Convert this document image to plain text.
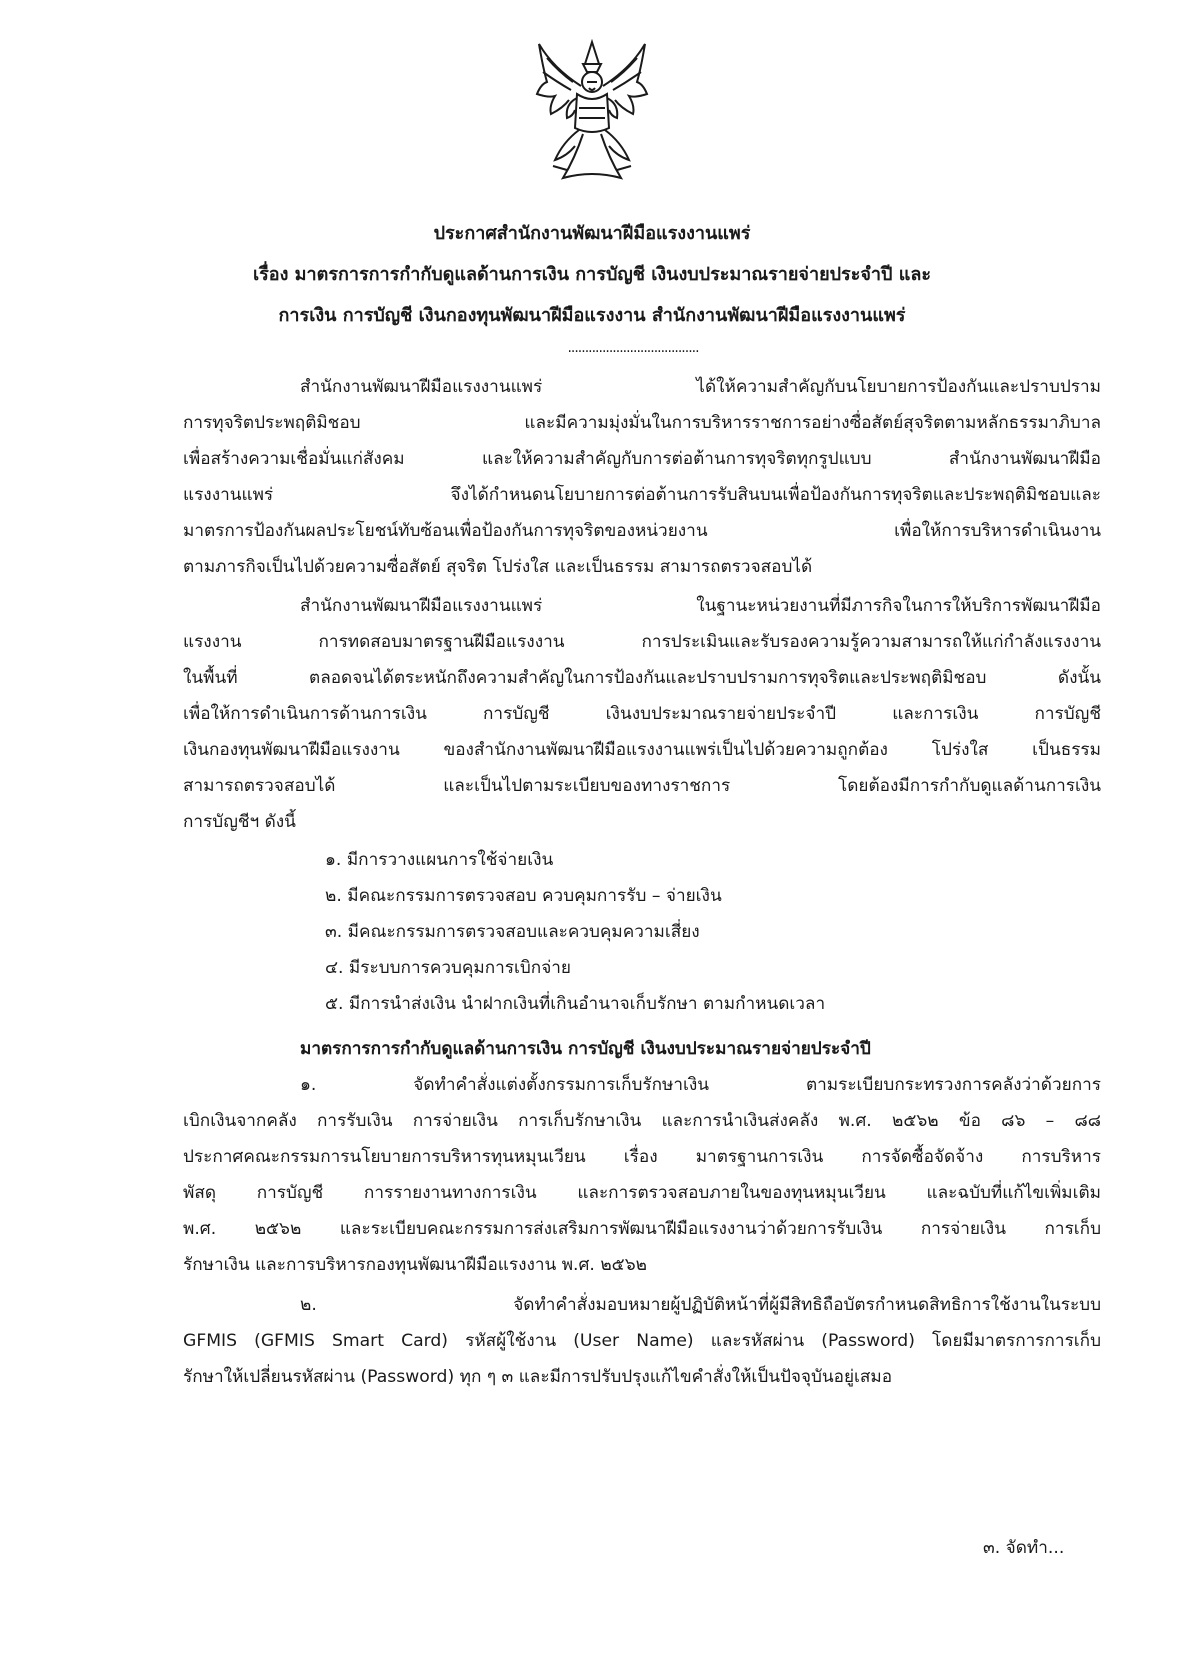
ประกาศสำนักงานพัฒนาฝีมือแรงงานแพร่
เรื่อง มาตรการการกำกับดูแลด้านการเงิน การบัญชี เงินงบประมาณรายจ่ายประจำปี และ
การเงิน การบัญชี เงินกองทุนพัฒนาฝีมือแรงงาน สำนักงานพัฒนาฝีมือแรงงานแพร่
......................................
สำนักงานพัฒนาฝีมือแรงงานแพร่ ได้ให้ความสำคัญกับนโยบายการป้องกันและปราบปราม
การทุจริตประพฤติมิชอบ และมีความมุ่งมั่นในการบริหารราชการอย่างซื่อสัตย์สุจริตตามหลักธรรมาภิบาล
เพื่อสร้างความเชื่อมั่นแก่สังคม และให้ความสำคัญกับการต่อต้านการทุจริตทุกรูปแบบ สำนักงานพัฒนาฝีมือ
แรงงานแพร่ จึงได้กำหนดนโยบายการต่อต้านการรับสินบนเพื่อป้องกันการทุจริตและประพฤติมิชอบและ
มาตรการป้องกันผลประโยชน์ทับซ้อนเพื่อป้องกันการทุจริตของหน่วยงาน เพื่อให้การบริหารดำเนินงาน
ตามภารกิจเป็นไปด้วยความซื่อสัตย์ สุจริต โปร่งใส และเป็นธรรม สามารถตรวจสอบได้
สำนักงานพัฒนาฝีมือแรงงานแพร่ ในฐานะหน่วยงานที่มีภารกิจในการให้บริการพัฒนาฝีมือ
แรงงาน การทดสอบมาตรฐานฝีมือแรงงาน การประเมินและรับรองความรู้ความสามารถให้แก่กำลังแรงงาน
ในพื้นที่ ตลอดจนได้ตระหนักถึงความสำคัญในการป้องกันและปราบปรามการทุจริตและประพฤติมิชอบ ดังนั้น
เพื่อให้การดำเนินการด้านการเงิน การบัญชี เงินงบประมาณรายจ่ายประจำปี และการเงิน การบัญชี
เงินกองทุนพัฒนาฝีมือแรงงาน ของสำนักงานพัฒนาฝีมือแรงงานแพร่เป็นไปด้วยความถูกต้อง โปร่งใส เป็นธรรม
สามารถตรวจสอบได้ และเป็นไปตามระเบียบของทางราชการ โดยต้องมีการกำกับดูแลด้านการเงิน
การบัญชีฯ ดังนี้
๑. มีการวางแผนการใช้จ่ายเงิน
๒. มีคณะกรรมการตรวจสอบ ควบคุมการรับ – จ่ายเงิน
๓. มีคณะกรรมการตรวจสอบและควบคุมความเสี่ยง
๔. มีระบบการควบคุมการเบิกจ่าย
๕. มีการนำส่งเงิน นำฝากเงินที่เกินอำนาจเก็บรักษา ตามกำหนดเวลา
มาตรการการกำกับดูแลด้านการเงิน การบัญชี เงินงบประมาณรายจ่ายประจำปี
๑. จัดทำคำสั่งแต่งตั้งกรรมการเก็บรักษาเงิน ตามระเบียบกระทรวงการคลังว่าด้วยการ
เบิกเงินจากคลัง การรับเงิน การจ่ายเงิน การเก็บรักษาเงิน และการนำเงินส่งคลัง พ.ศ. ๒๕๖๒ ข้อ ๘๖ – ๘๘
ประกาศคณะกรรมการนโยบายการบริหารทุนหมุนเวียน เรื่อง มาตรฐานการเงิน การจัดซื้อจัดจ้าง การบริหาร
พัสดุ การบัญชี การรายงานทางการเงิน และการตรวจสอบภายในของทุนหมุนเวียน และฉบับที่แก้ไขเพิ่มเติม
พ.ศ. ๒๕๖๒ และระเบียบคณะกรรมการส่งเสริมการพัฒนาฝีมือแรงงานว่าด้วยการรับเงิน การจ่ายเงิน การเก็บ
รักษาเงิน และการบริหารกองทุนพัฒนาฝีมือแรงงาน พ.ศ. ๒๕๖๒
๒. จัดทำคำสั่งมอบหมายผู้ปฏิบัติหน้าที่ผู้มีสิทธิถือบัตรกำหนดสิทธิการใช้งานในระบบ
GFMIS (GFMIS Smart Card) รหัสผู้ใช้งาน (User Name) และรหัสผ่าน (Password) โดยมีมาตรการการเก็บ
รักษาให้เปลี่ยนรหัสผ่าน (Password) ทุก ๆ ๓ และมีการปรับปรุงแก้ไขคำสั่งให้เป็นปัจจุบันอยู่เสมอ
๓. จัดทำ...
